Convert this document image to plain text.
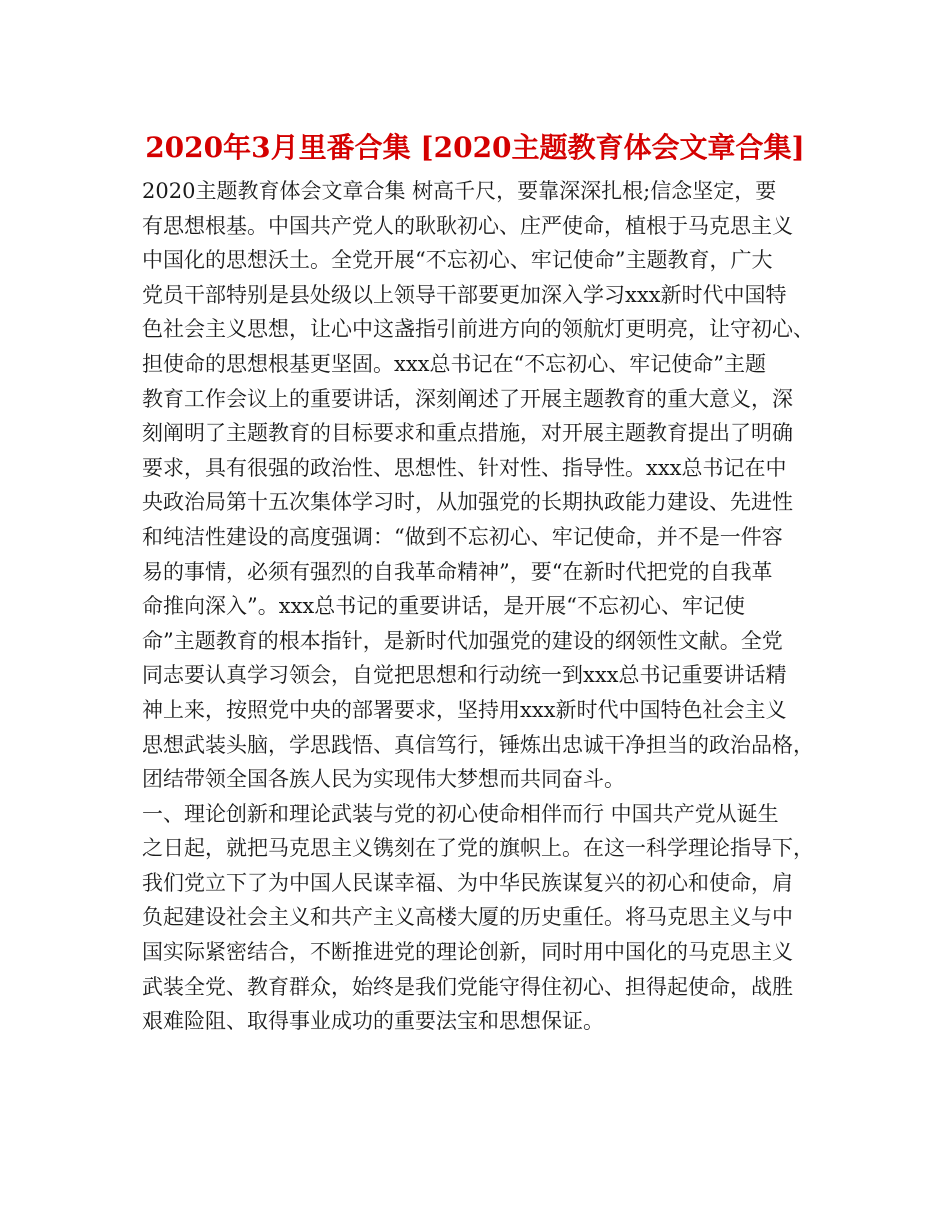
2020年3月里番合集 [2020主题教育体会文章合集]
2020主题教育体会文章合集 树高千尺，要靠深深扎根;信念坚定，要
有思想根基。中国共产党人的耿耿初心、庄严使命，植根于马克思主义
中国化的思想沃土。全党开展“不忘初心、牢记使命”主题教育，广大
党员干部特别是县处级以上领导干部要更加深入学习xxx新时代中国特
色社会主义思想，让心中这盏指引前进方向的领航灯更明亮，让守初心、
担使命的思想根基更坚固。xxx总书记在“不忘初心、牢记使命”主题
教育工作会议上的重要讲话，深刻阐述了开展主题教育的重大意义，深
刻阐明了主题教育的目标要求和重点措施，对开展主题教育提出了明确
要求，具有很强的政治性、思想性、针对性、指导性。xxx总书记在中
央政治局第十五次集体学习时，从加强党的长期执政能力建设、先进性
和纯洁性建设的高度强调：“做到不忘初心、牢记使命，并不是一件容
易的事情，必须有强烈的自我革命精神”，要“在新时代把党的自我革
命推向深入”。xxx总书记的重要讲话，是开展“不忘初心、牢记使
命”主题教育的根本指针，是新时代加强党的建设的纲领性文献。全党
同志要认真学习领会，自觉把思想和行动统一到xxx总书记重要讲话精
神上来，按照党中央的部署要求，坚持用xxx新时代中国特色社会主义
思想武装头脑，学思践悟、真信笃行，锤炼出忠诚干净担当的政治品格，
团结带领全国各族人民为实现伟大梦想而共同奋斗。
一、理论创新和理论武装与党的初心使命相伴而行 中国共产党从诞生
之日起，就把马克思主义镌刻在了党的旗帜上。在这一科学理论指导下，
我们党立下了为中国人民谋幸福、为中华民族谋复兴的初心和使命，肩
负起建设社会主义和共产主义高楼大厦的历史重任。将马克思主义与中
国实际紧密结合，不断推进党的理论创新，同时用中国化的马克思主义
武装全党、教育群众，始终是我们党能守得住初心、担得起使命，战胜
艰难险阻、取得事业成功的重要法宝和思想保证。
